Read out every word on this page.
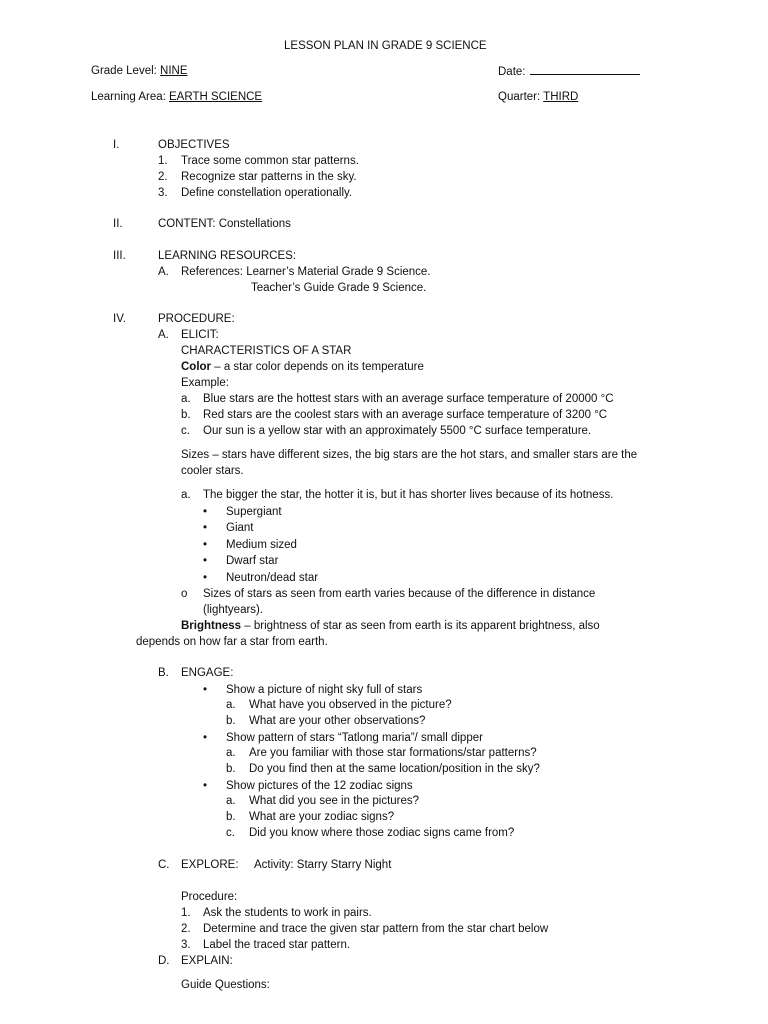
LESSON PLAN IN GRADE 9 SCIENCE
Grade Level: NINE	Date:
Learning Area: EARTH SCIENCE	Quarter: THIRD
I.	OBJECTIVES
1. Trace some common star patterns.
2. Recognize star patterns in the sky.
3. Define constellation operationally.
II.	CONTENT: Constellations
III.	LEARNING RESOURCES:
A. References: Learner’s Material Grade 9 Science.
Teacher’s Guide Grade 9 Science.
IV.	PROCEDURE:
A. ELICIT:
CHARACTERISTICS OF A STAR
Color – a star color depends on its temperature
Example:
a. Blue stars are the hottest stars with an average surface temperature of 20000 °C
b. Red stars are the coolest stars with an average surface temperature of 3200 °C
c. Our sun is a yellow star with an approximately 5500 °C surface temperature.
Sizes – stars have different sizes, the big stars are the hot stars, and smaller stars are the
cooler stars.
a. The bigger the star, the hotter it is, but it has shorter lives because of its hotness.
• Supergiant
• Giant
• Medium sized
• Dwarf star
• Neutron/dead star
o Sizes of stars as seen from earth varies because of the difference in distance
(lightyears).
Brightness – brightness of star as seen from earth is its apparent brightness, also
depends on how far a star from earth.
B. ENGAGE:
• Show a picture of night sky full of stars
a. What have you observed in the picture?
b. What are your other observations?
• Show pattern of stars “Tatlong maria”/ small dipper
a. Are you familiar with those star formations/star patterns?
b. Do you find then at the same location/position in the sky?
• Show pictures of the 12 zodiac signs
a. What did you see in the pictures?
b. What are your zodiac signs?
c. Did you know where those zodiac signs came from?
C. EXPLORE: Activity: Starry Starry Night
Procedure:
1. Ask the students to work in pairs.
2. Determine and trace the given star pattern from the star chart below
3. Label the traced star pattern.
D. EXPLAIN:
Guide Questions:
